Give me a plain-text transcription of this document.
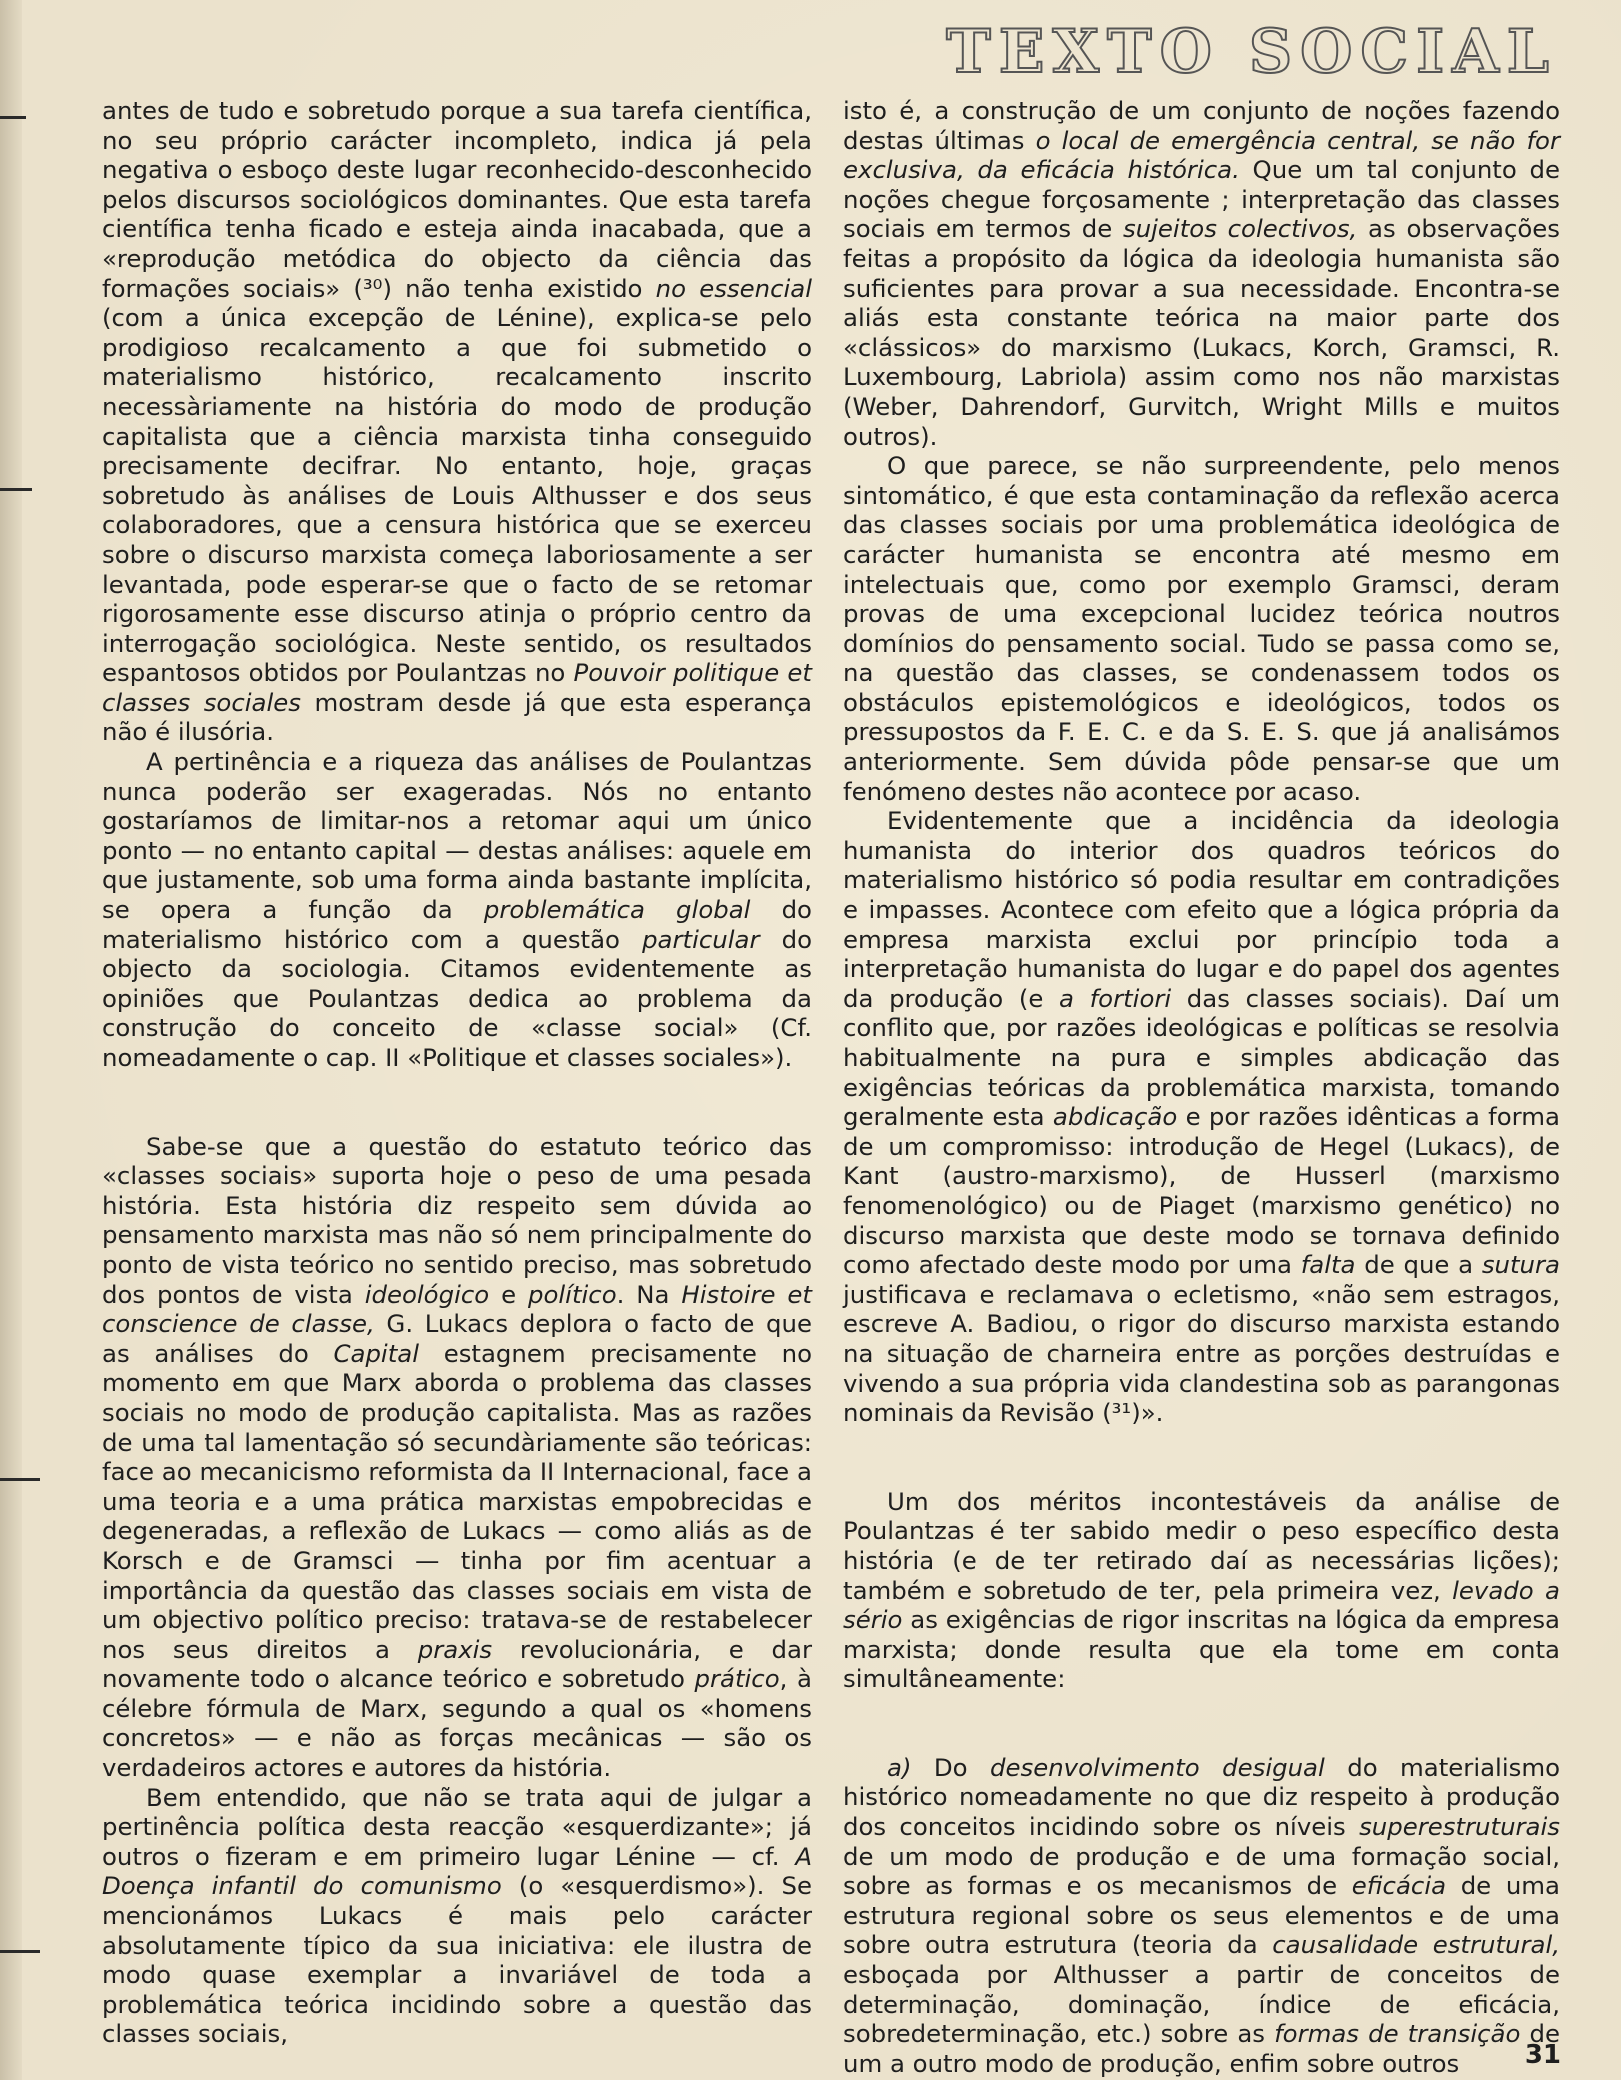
TEXTO SOCIAL

antes de tudo e sobretudo porque a sua tarefa científica, no seu próprio carácter incompleto, indica já pela negativa o esboço deste lugar reconhecido-desconhecido pelos discursos sociológicos dominantes. Que esta tarefa científica tenha ficado e esteja ainda inacabada, que a «reprodução metódica do objecto da ciência das formações sociais» (³⁰) não tenha existido no essencial (com a única excepção de Lénine), explica-se pelo prodigioso recalcamento a que foi submetido o materialismo histórico, recalcamento inscrito necessàriamente na história do modo de produção capitalista que a ciência marxista tinha conseguido precisamente decifrar. No entanto, hoje, graças sobretudo às análises de Louis Althusser e dos seus colaboradores, que a censura histórica que se exerceu sobre o discurso marxista começa laboriosamente a ser levantada, pode esperar-se que o facto de se retomar rigorosamente esse discurso atinja o próprio centro da interrogação sociológica. Neste sentido, os resultados espantosos obtidos por Poulantzas no Pouvoir politique et classes sociales mostram desde já que esta esperança não é ilusória.

A pertinência e a riqueza das análises de Poulantzas nunca poderão ser exageradas. Nós no entanto gostaríamos de limitar-nos a retomar aqui um único ponto — no entanto capital — destas análises: aquele em que justamente, sob uma forma ainda bastante implícita, se opera a função da problemática global do materialismo histórico com a questão particular do objecto da sociologia. Citamos evidentemente as opiniões que Poulantzas dedica ao problema da construção do conceito de «classe social» (Cf. nomeadamente o cap. II «Politique et classes sociales»).

Sabe-se que a questão do estatuto teórico das «classes sociais» suporta hoje o peso de uma pesada história. Esta história diz respeito sem dúvida ao pensamento marxista mas não só nem principalmente do ponto de vista teórico no sentido preciso, mas sobretudo dos pontos de vista ideológico e político. Na Histoire et conscience de classe, G. Lukacs deplora o facto de que as análises do Capital estagnem precisamente no momento em que Marx aborda o problema das classes sociais no modo de produção capitalista. Mas as razões de uma tal lamentação só secundàriamente são teóricas: face ao mecanicismo reformista da II Internacional, face a uma teoria e a uma prática marxistas empobrecidas e degeneradas, a reflexão de Lukacs — como aliás as de Korsch e de Gramsci — tinha por fim acentuar a importância da questão das classes sociais em vista de um objectivo político preciso: tratava-se de restabelecer nos seus direitos a praxis revolucionária, e dar novamente todo o alcance teórico e sobretudo prático, à célebre fórmula de Marx, segundo a qual os «homens concretos» — e não as forças mecânicas — são os verdadeiros actores e autores da história.

Bem entendido, que não se trata aqui de julgar a pertinência política desta reacção «esquerdizante»; já outros o fizeram e em primeiro lugar Lénine — cf. A Doença infantil do comunismo (o «esquerdismo»). Se mencionámos Lukacs é mais pelo carácter absolutamente típico da sua iniciativa: ele ilustra de modo quase exemplar a invariável de toda a problemática teórica incidindo sobre a questão das classes sociais,

isto é, a construção de um conjunto de noções fazendo destas últimas o local de emergência central, se não for exclusiva, da eficácia histórica. Que um tal conjunto de noções chegue forçosamente ; interpretação das classes sociais em termos de sujeitos colectivos, as observações feitas a propósito da lógica da ideologia humanista são suficientes para provar a sua necessidade. Encontra-se aliás esta constante teórica na maior parte dos «clássicos» do marxismo (Lukacs, Korch, Gramsci, R. Luxembourg, Labriola) assim como nos não marxistas (Weber, Dahrendorf, Gurvitch, Wright Mills e muitos outros).

O que parece, se não surpreendente, pelo menos sintomático, é que esta contaminação da reflexão acerca das classes sociais por uma problemática ideológica de carácter humanista se encontra até mesmo em intelectuais que, como por exemplo Gramsci, deram provas de uma excepcional lucidez teórica noutros domínios do pensamento social. Tudo se passa como se, na questão das classes, se condenassem todos os obstáculos epistemológicos e ideológicos, todos os pressupostos da F. E. C. e da S. E. S. que já analisámos anteriormente. Sem dúvida pôde pensar-se que um fenómeno destes não acontece por acaso.

Evidentemente que a incidência da ideologia humanista do interior dos quadros teóricos do materialismo histórico só podia resultar em contradições e impasses. Acontece com efeito que a lógica própria da empresa marxista exclui por princípio toda a interpretação humanista do lugar e do papel dos agentes da produção (e a fortiori das classes sociais). Daí um conflito que, por razões ideológicas e políticas se resolvia habitualmente na pura e simples abdicação das exigências teóricas da problemática marxista, tomando geralmente esta abdicação e por razões idênticas a forma de um compromisso: introdução de Hegel (Lukacs), de Kant (austro-marxismo), de Husserl (marxismo fenomenológico) ou de Piaget (marxismo genético) no discurso marxista que deste modo se tornava definido como afectado deste modo por uma falta de que a sutura justificava e reclamava o ecletismo, «não sem estragos, escreve A. Badiou, o rigor do discurso marxista estando na situação de charneira entre as porções destruídas e vivendo a sua própria vida clandestina sob as parangonas nominais da Revisão (³¹)».

Um dos méritos incontestáveis da análise de Poulantzas é ter sabido medir o peso específico desta história (e de ter retirado daí as necessárias lições); também e sobretudo de ter, pela primeira vez, levado a sério as exigências de rigor inscritas na lógica da empresa marxista; donde resulta que ela tome em conta simultâneamente:

a) Do desenvolvimento desigual do materialismo histórico nomeadamente no que diz respeito à produção dos conceitos incidindo sobre os níveis superestruturais de um modo de produção e de uma formação social, sobre as formas e os mecanismos de eficácia de uma estrutura regional sobre os seus elementos e de uma sobre outra estrutura (teoria da causalidade estrutural, esboçada por Althusser a partir de conceitos de determinação, dominação, índice de eficácia, sobredeterminação, etc.) sobre as formas de transição de um a outro modo de produção, enfim sobre outros	31
